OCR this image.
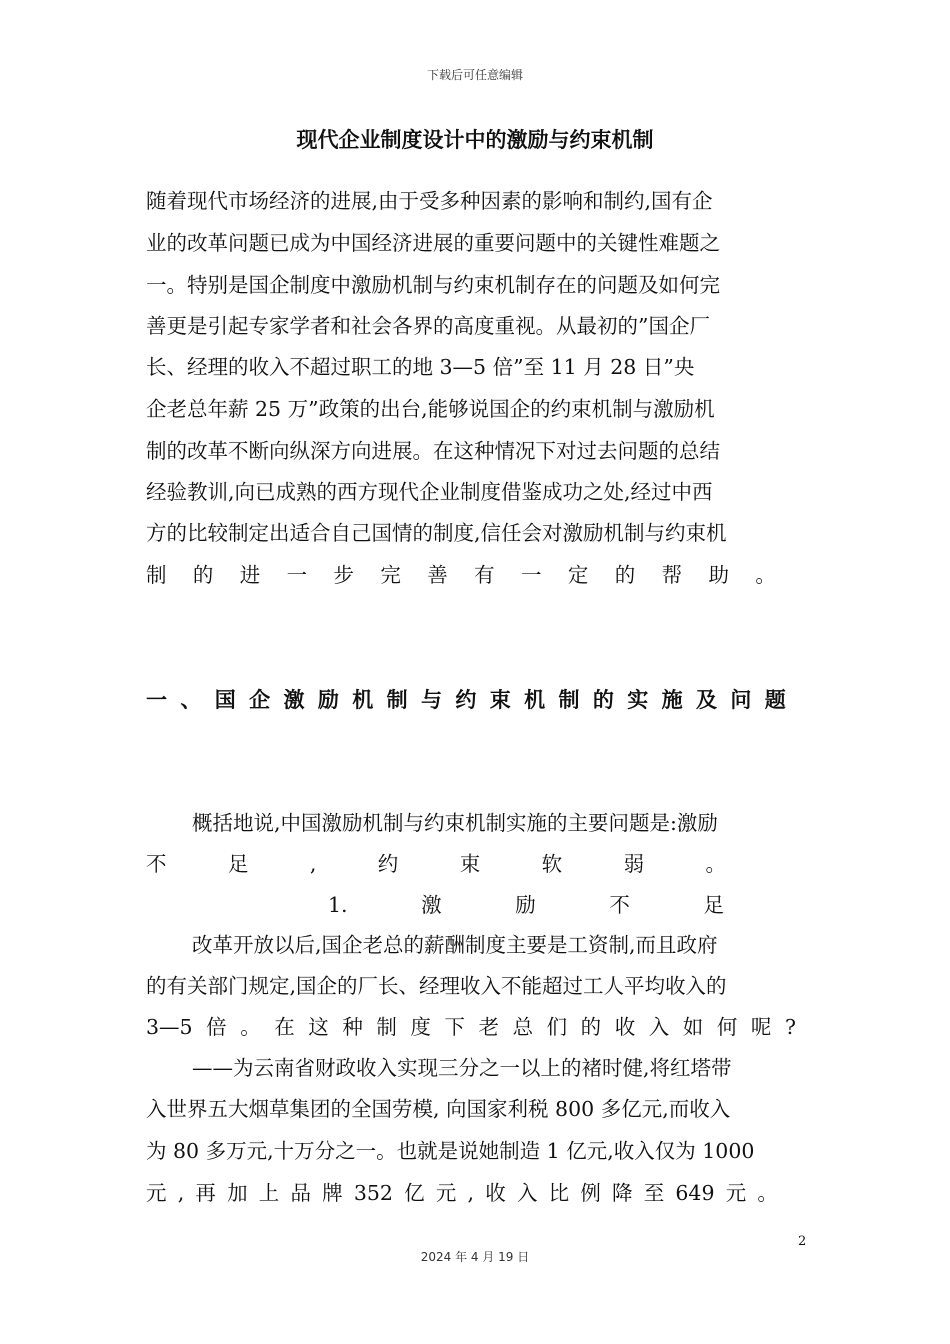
下载后可任意编辑
现代企业制度设计中的激励与约束机制
随着现代市场经济的进展,由于受多种因素的影响和制约,国有企
业的改革问题已成为中国经济进展的重要问题中的关键性难题之
一。特别是国企制度中激励机制与约束机制存在的问题及如何完
善更是引起专家学者和社会各界的高度重视。从最初的”国企厂
长、经理的收入不超过职工的地 3—5 倍”至 11 月 28 日”央
企老总年薪 25 万”政策的出台,能够说国企的约束机制与激励机
制的改革不断向纵深方向进展。在这种情况下对过去问题的总结
经验教训,向已成熟的西方现代企业制度借鉴成功之处,经过中西
方的比较制定出适合自己国情的制度,信任会对激励机制与约束机
制 的 进 一 步 完 善 有 一 定 的 帮 助 。
一 、 国 企 激 励 机 制 与 约 束 机 制 的 实 施 及 问 题
概括地说,中国激励机制与约束机制实施的主要问题是:激励
不	足	,	约	束	软	弱	。
1.	激	励	不	足
改革开放以后,国企老总的薪酬制度主要是工资制,而且政府
的有关部门规定,国企的厂长、经理收入不能超过工人平均收入的
3—5 倍 。 在 这 种 制 度 下 老 总 们 的 收 入 如 何 呢 ?
——为云南省财政收入实现三分之一以上的褚时健,将红塔带
入世界五大烟草集团的全国劳模, 向国家利税 800 多亿元,而收入
为 80 多万元,十万分之一。也就是说她制造 1 亿元,收入仅为 1000
元 , 再 加 上 品 牌 352 亿 元 , 收 入 比 例 降 至 649 元 。
2
2024 年 4 月 19 日
